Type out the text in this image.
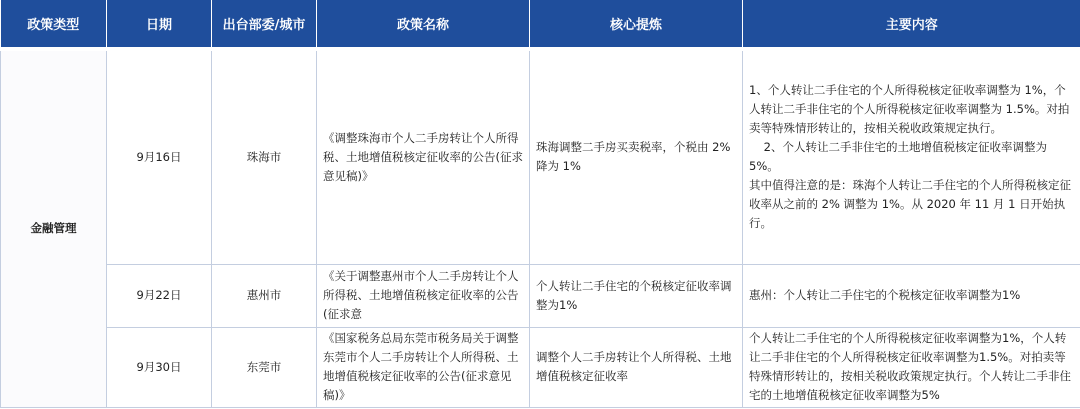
政策类型	日期	出台部委/城市	政策名称	核心提炼	主要内容
金融管理	9月16日	珠海市	《调整珠海市个人二手房转让个人所得税、土地增值税核定征收率的公告(征求意见稿)》	珠海调整二手房买卖税率，个税由 2% 降为 1%	1、个人转让二手住宅的个人所得税核定征收率调整为 1%，个人转让二手非住宅的个人所得税核定征收率调整为 1.5%。对拍卖等特殊情形转让的，按相关税收政策规定执行。

2、个人转让二手非住宅的土地增值税核定征收率调整为 5%。

其中值得注意的是：珠海个人转让二手住宅的个人所得税核定征收率从之前的 2% 调整为 1%。从 2020 年 11 月 1 日开始执行。

	9月22日	惠州市	《关于调整惠州市个人二手房转让个人所得税、土地增值税核定征收率的公告(征求意	个人转让二手住宅的个税核定征收率调整为1%	惠州：个人转让二手住宅的个税核定征收率调整为1%
	9月30日	东莞市	《国家税务总局东莞市税务局关于调整东莞市个人二手房转让个人所得税、土地增值税核定征收率的公告(征求意见稿)》	调整个人二手房转让个人所得税、土地增值税核定征收率	个人转让二手住宅的个人所得税核定征收率调整为1%，个人转让二手非住宅的个人所得税核定征收率调整为1.5%。对拍卖等特殊情形转让的，按相关税收政策规定执行。个人转让二手非住宅的土地增值税核定征收率调整为5%
